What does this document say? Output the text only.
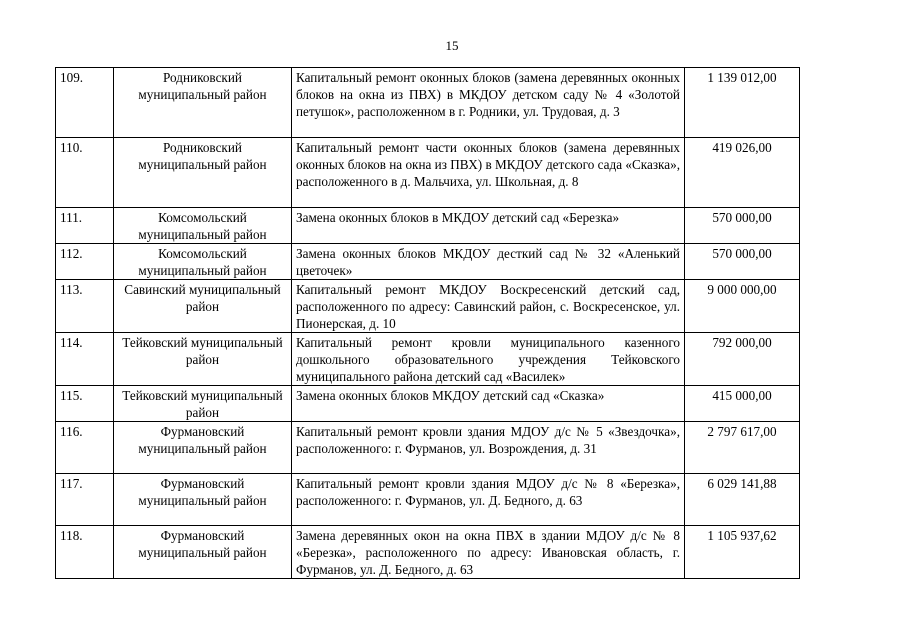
15
109.	Родниковский муниципальный район	Капитальный ремонт оконных блоков (замена деревянных оконных блоков на окна из ПВХ) в МКДОУ детском саду № 4 «Золотой петушок», расположенном в г. Родники, ул. Трудовая, д. 3	1 139 012,00
110.	Родниковский муниципальный район	Капитальный ремонт части оконных блоков (замена деревянных оконных блоков на окна из ПВХ) в МКДОУ детского сада «Сказка», расположенного в д. Мальчиха, ул. Школьная, д. 8	419 026,00
111.	Комсомольский муниципальный район	Замена оконных блоков в МКДОУ детский сад «Березка»	570 000,00
112.	Комсомольский муниципальный район	Замена оконных блоков МКДОУ десткий сад № 32 «Аленький цветочек»	570 000,00
113.	Савинский муниципальный район	Капитальный ремонт МКДОУ Воскресенский детский сад, расположенного по адресу: Савинский район, с. Воскресенское, ул. Пионерская, д. 10	9 000 000,00
114.	Тейковский муниципальный район	Капитальный ремонт кровли муниципального казенного дошкольного образовательного учреждения Тейковского муниципального района детский сад «Василек»	792 000,00
115.	Тейковский муниципальный район	Замена оконных блоков МКДОУ детский сад «Сказка»	415 000,00
116.	Фурмановский муниципальный район	Капитальный ремонт кровли здания МДОУ д/с № 5 «Звездочка», расположенного: г. Фурманов, ул. Возрождения, д. 31	2 797 617,00
117.	Фурмановский муниципальный район	Капитальный ремонт кровли здания МДОУ д/с № 8 «Березка», расположенного: г. Фурманов, ул. Д. Бедного, д. 63	6 029 141,88
118.	Фурмановский муниципальный район	Замена деревянных окон на окна ПВХ в здании МДОУ д/с № 8 «Березка», расположенного по адресу: Ивановская область, г. Фурманов, ул. Д. Бедного, д. 63	1 105 937,62
